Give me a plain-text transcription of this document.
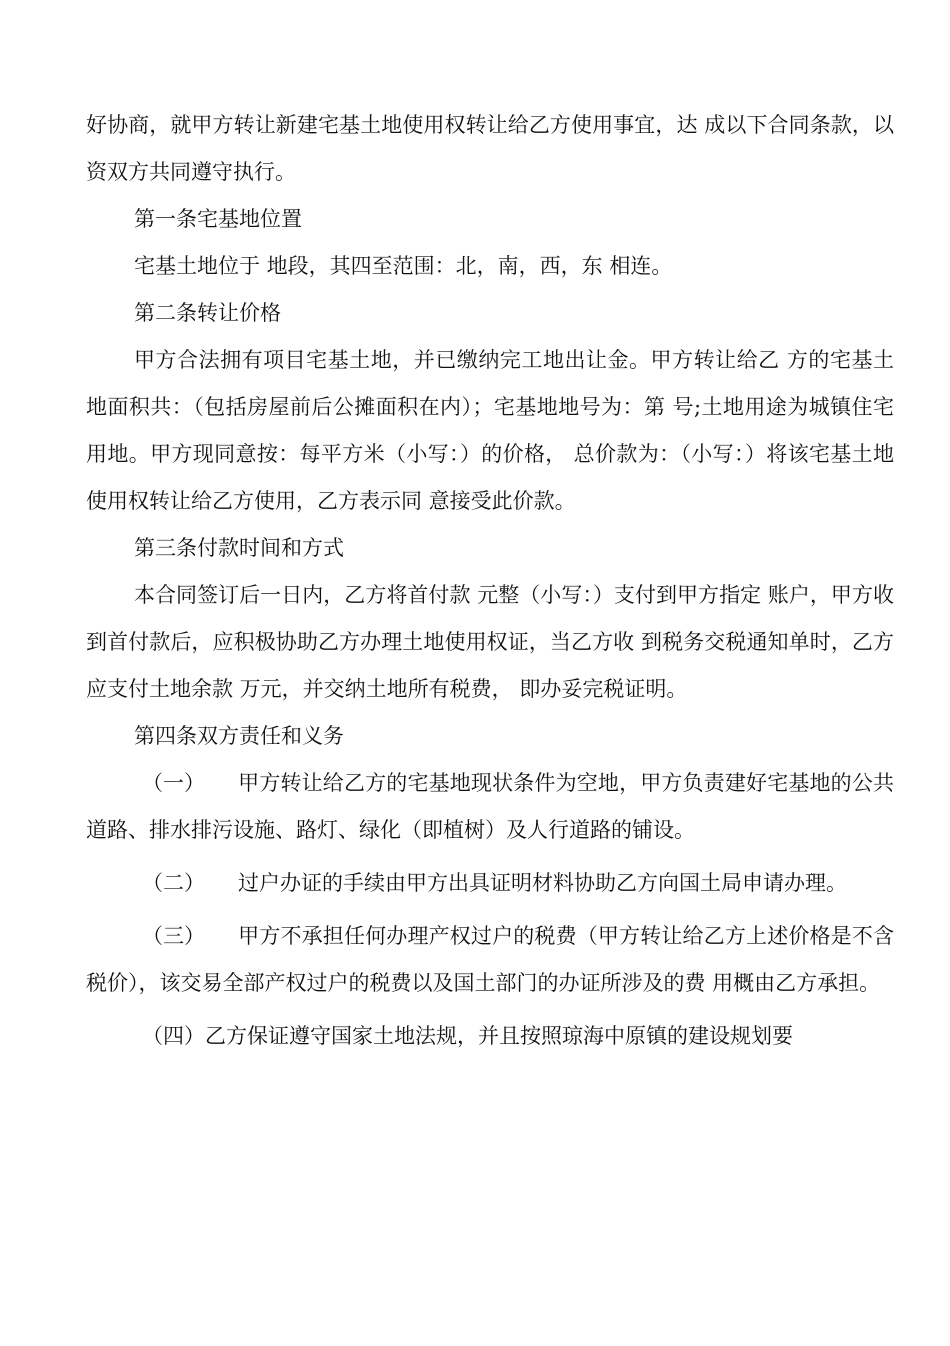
好协商，就甲方转让新建宅基土地使用权转让给乙方使用事宜，达 成以下合同条款，以资双方共同遵守执行。

第一条宅基地位置

宅基土地位于 地段，其四至范围：北，南，西，东 相连。

第二条转让价格

甲方合法拥有项目宅基土地，并已缴纳完工地出让金。甲方转让给乙 方的宅基土地面积共：（包括房屋前后公摊面积在内）；宅基地地号为：第 号;土地用途为城镇住宅用地。甲方现同意按：每平方米（小写：）的价格， 总价款为：（小写：）将该宅基土地使用权转让给乙方使用，乙方表示同 意接受此价款。

第三条付款时间和方式

本合同签订后一日内，乙方将首付款 元整（小写：）支付到甲方指定 账户，甲方收到首付款后，应积极协助乙方办理土地使用权证，当乙方收 到税务交税通知单时，乙方应支付土地余款 万元，并交纳土地所有税费， 即办妥完税证明。

第四条双方责任和义务

（一） 甲方转让给乙方的宅基地现状条件为空地，甲方负责建好宅基地的公共道路、排水排污设施、路灯、绿化（即植树）及人行道路的铺设。

（二） 过户办证的手续由甲方出具证明材料协助乙方向国土局申请办理。

（三） 甲方不承担任何办理产权过户的税费（甲方转让给乙方上述价格是不含税价），该交易全部产权过户的税费以及国土部门的办证所涉及的费 用概由乙方承担。

（四）乙方保证遵守国家土地法规，并且按照琼海中原镇的建设规划要
